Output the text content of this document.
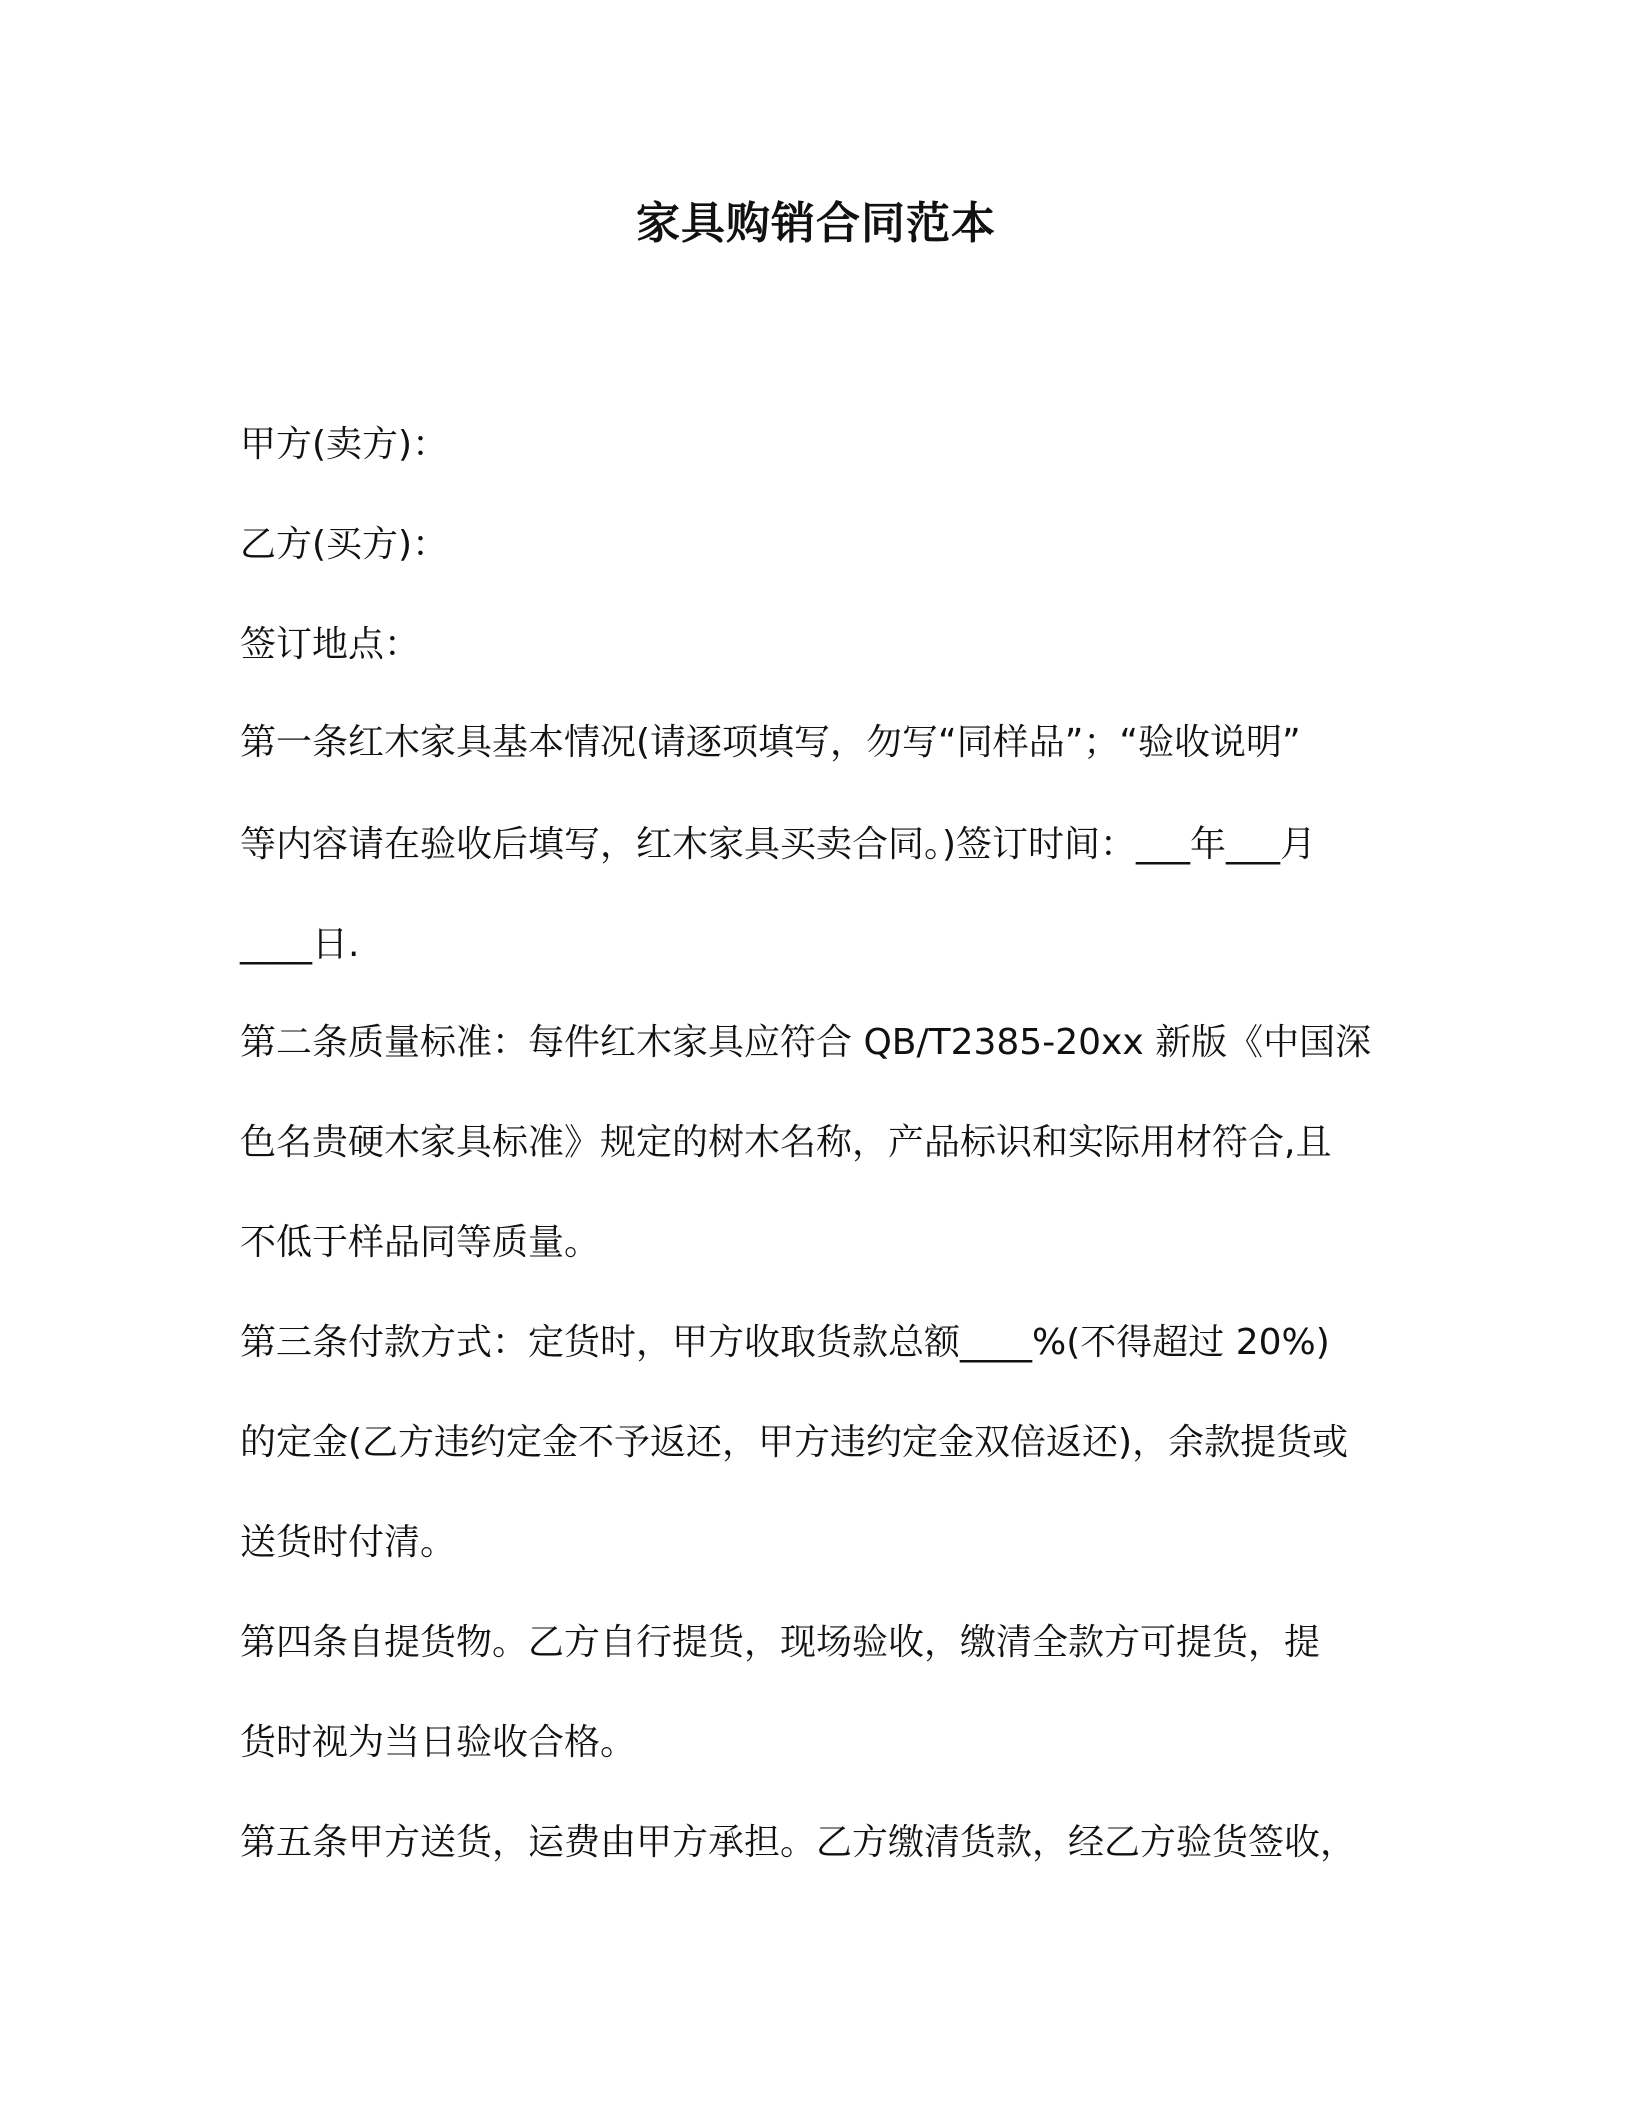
家具购销合同范本
甲方(卖方)：
乙方(买方)：
签订地点：
第一条红木家具基本情况(请逐项填写，勿写“同样品”；“验收说明”
等内容请在验收后填写，红木家具买卖合同。)签订时间：___年___月
____日.
第二条质量标准：每件红木家具应符合 QB/T2385-20xx 新版《中国深
色名贵硬木家具标准》规定的树木名称，产品标识和实际用材符合,且
不低于样品同等质量。
第三条付款方式：定货时，甲方收取货款总额____%(不得超过 20%)
的定金(乙方违约定金不予返还，甲方违约定金双倍返还)，余款提货或
送货时付清。
第四条自提货物。乙方自行提货，现场验收，缴清全款方可提货，提
货时视为当日验收合格。
第五条甲方送货，运费由甲方承担。乙方缴清货款，经乙方验货签收，
